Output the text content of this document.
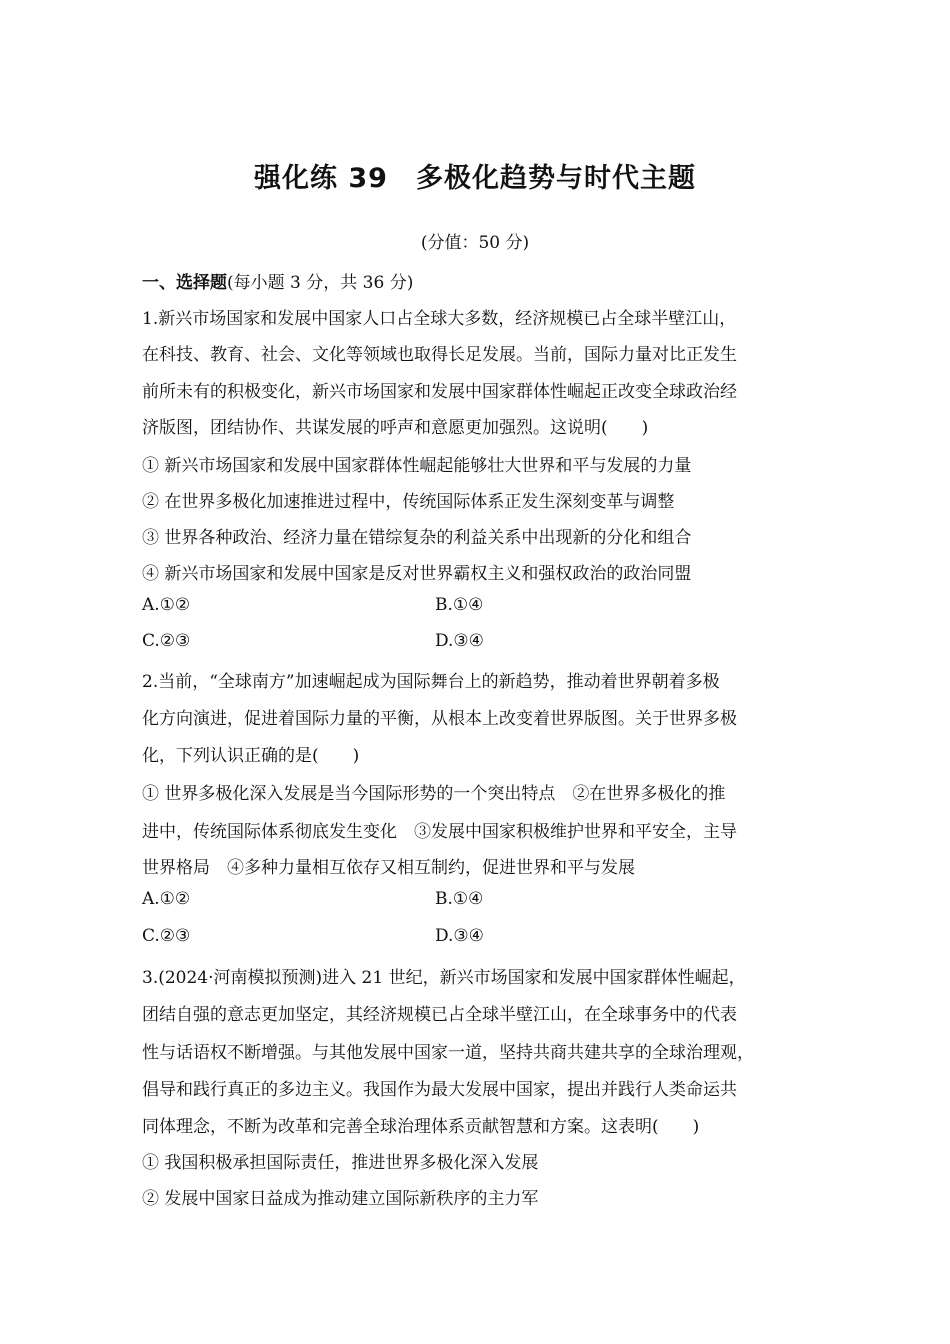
强化练 39　多极化趋势与时代主题
(分值：50 分)
一、选择题(每小题 3 分，共 36 分)
1.新兴市场国家和发展中国家人口占全球大多数，经济规模已占全球半壁江山，
在科技、教育、社会、文化等领域也取得长足发展。当前，国际力量对比正发生
前所未有的积极变化，新兴市场国家和发展中国家群体性崛起正改变全球政治经
济版图，团结协作、共谋发展的呼声和意愿更加强烈。这说明(　　)
① 新兴市场国家和发展中国家群体性崛起能够壮大世界和平与发展的力量
② 在世界多极化加速推进过程中，传统国际体系正发生深刻变革与调整
③ 世界各种政治、经济力量在错综复杂的利益关系中出现新的分化和组合
④ 新兴市场国家和发展中国家是反对世界霸权主义和强权政治的政治同盟
A.①②	B.①④
C.②③	D.③④
2.当前，“全球南方”加速崛起成为国际舞台上的新趋势，推动着世界朝着多极
化方向演进，促进着国际力量的平衡，从根本上改变着世界版图。关于世界多极
化，下列认识正确的是(　　)
① 世界多极化深入发展是当今国际形势的一个突出特点　②在世界多极化的推
进中，传统国际体系彻底发生变化　③发展中国家积极维护世界和平安全，主导
世界格局　④多种力量相互依存又相互制约，促进世界和平与发展
A.①②	B.①④
C.②③	D.③④
3.(2024·河南模拟预测)进入 21 世纪，新兴市场国家和发展中国家群体性崛起，
团结自强的意志更加坚定，其经济规模已占全球半壁江山，在全球事务中的代表
性与话语权不断增强。与其他发展中国家一道，坚持共商共建共享的全球治理观，
倡导和践行真正的多边主义。我国作为最大发展中国家，提出并践行人类命运共
同体理念，不断为改革和完善全球治理体系贡献智慧和方案。这表明(　　)
① 我国积极承担国际责任，推进世界多极化深入发展
② 发展中国家日益成为推动建立国际新秩序的主力军
